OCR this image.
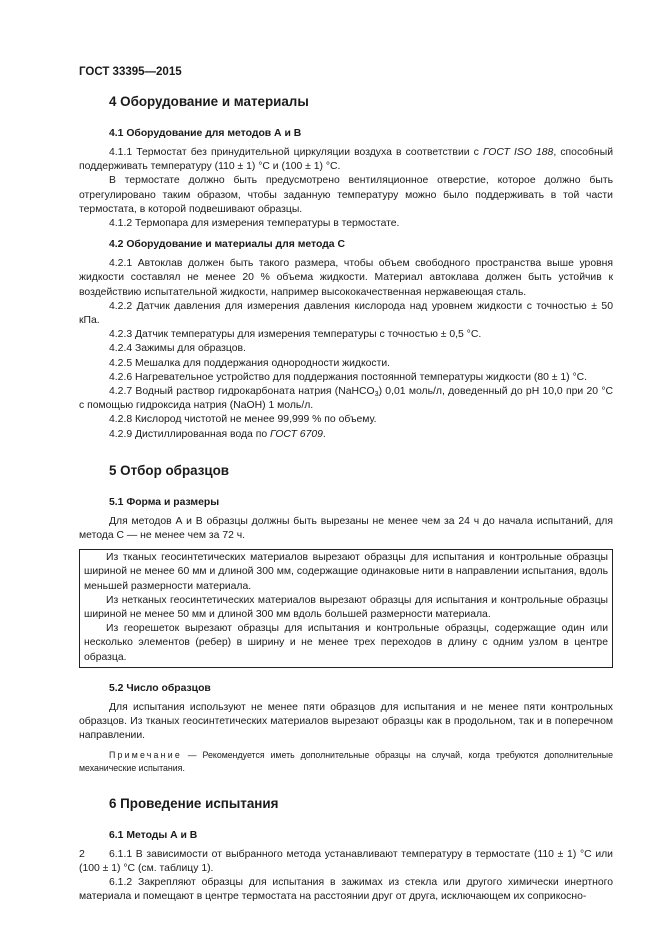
ГОСТ 33395—2015
4 Оборудование и материалы
4.1 Оборудование для методов А и В

4.1.1 Термостат без принудительной циркуляции воздуха в соответствии с ГОСТ ISO 188, способный поддерживать температуру (110 ± 1) °С и (100 ± 1) °С.

В термостате должно быть предусмотрено вентиляционное отверстие, которое должно быть отрегулировано таким образом, чтобы заданную температуру можно было поддерживать в той части термостата, в которой подвешивают образцы.

4.1.2 Термопара для измерения температуры в термостате.

4.2 Оборудование и материалы для метода С

4.2.1 Автоклав должен быть такого размера, чтобы объем свободного пространства выше уровня жидкости составлял не менее 20 % объема жидкости. Материал автоклава должен быть устойчив к воздействию испытательной жидкости, например высококачественная нержавеющая сталь.

4.2.2 Датчик давления для измерения давления кислорода над уровнем жидкости с точностью ± 50 кПа.

4.2.3 Датчик температуры для измерения температуры с точностью ± 0,5 °С.

4.2.4 Зажимы для образцов.

4.2.5 Мешалка для поддержания однородности жидкости.

4.2.6 Нагревательное устройство для поддержания постоянной температуры жидкости (80 ± 1) °С.

4.2.7 Водный раствор гидрокарбоната натрия (NaHCO$_3$) 0,01 моль/л, доведенный до рН 10,0 при 20 °С с помощью гидроксида натрия (NaOH) 1 моль/л.

4.2.8 Кислород чистотой не менее 99,999 % по объему.

4.2.9 Дистиллированная вода по ГОСТ 6709.

5 Отбор образцов
5.1 Форма и размеры

Для методов А и В образцы должны быть вырезаны не менее чем за 24 ч до начала испытаний, для метода С — не менее чем за 72 ч.

Из тканых геосинтетических материалов вырезают образцы для испытания и контрольные образцы шириной не менее 60 мм и длиной 300 мм, содержащие одинаковые нити в направлении испытания, вдоль меньшей размерности материала.

Из нетканых геосинтетических материалов вырезают образцы для испытания и контрольные образцы шириной не менее 50 мм и длиной 300 мм вдоль большей размерности материала.

Из георешеток вырезают образцы для испытания и контрольные образцы, содержащие один или несколько элементов (ребер) в ширину и не менее трех переходов в длину с одним узлом в центре образца.

5.2 Число образцов

Для испытания используют не менее пяти образцов для испытания и не менее пяти контрольных образцов. Из тканых геосинтетических материалов вырезают образцы как в продольном, так и в поперечном направлении.

Примечание — Рекомендуется иметь дополнительные образцы на случай, когда требуются дополнительные механические испытания.

6 Проведение испытания
6.1 Методы А и В

6.1.1 В зависимости от выбранного метода устанавливают температуру в термостате (110 ± 1) °С или (100 ± 1) °С (см. таблицу 1).

6.1.2 Закрепляют образцы для испытания в зажимах из стекла или другого химически инертного материала и помещают в центре термостата на расстоянии друг от друга, исключающем их соприкосно-

2
